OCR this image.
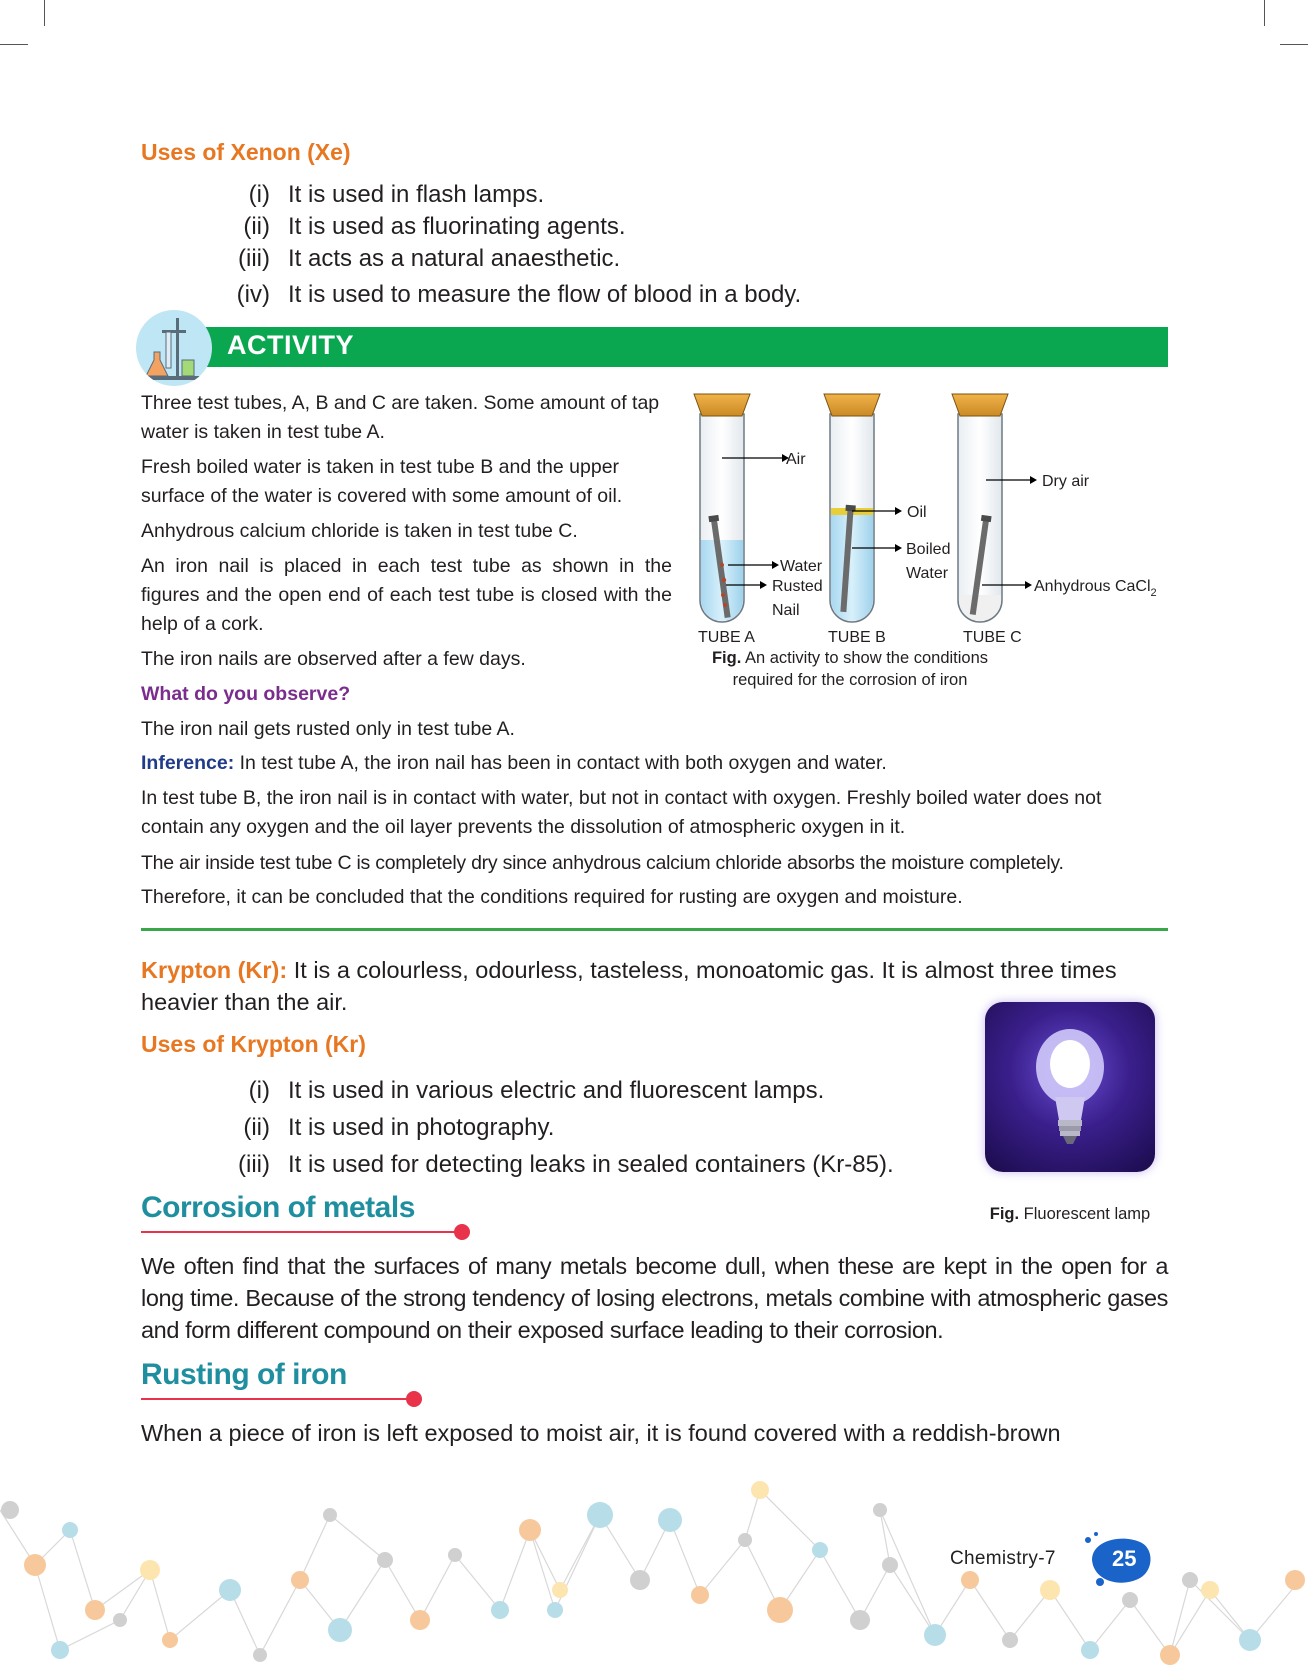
Uses of Xenon (Xe)
(i) It is used in flash lamps.
(ii) It is used as fluorinating agents.
(iii) It acts as a natural anaesthetic.
(iv) It is used to measure the flow of blood in a body.
ACTIVITY
Three test tubes, A, B and C are taken. Some amount of tap water is taken in test tube A.
Fresh boiled water is taken in test tube B and the upper surface of the water is covered with some amount of oil.
Anhydrous calcium chloride is taken in test tube C.
An iron nail is placed in each test tube as shown in the figures and the open end of each test tube is closed with the help of a cork.
The iron nails are observed after a few days.
What do you observe?
The iron nail gets rusted only in test tube A.
Inference: In test tube A, the iron nail has been in contact with both oxygen and water.
In test tube B, the iron nail is in contact with water, but not in contact with oxygen. Freshly boiled water does not contain any oxygen and the oil layer prevents the dissolution of atmospheric oxygen in it.
The air inside test tube C is completely dry since anhydrous calcium chloride absorbs the moisture completely.
Therefore, it can be concluded that the conditions required for rusting are oxygen and moisture.
Air
Water
Rusted
Nail
Oil
Boiled
Water
Dry air
Anhydrous CaCl$_2$
TUBE A	TUBE B	TUBE C
Fig. An activity to show the conditions
required for the corrosion of iron
Krypton (Kr): It is a colourless, odourless, tasteless, monoatomic gas. It is almost three times heavier than the air.
Uses of Krypton (Kr)
(i) It is used in various electric and fluorescent lamps.
(ii) It is used in photography.
(iii) It is used for detecting leaks in sealed containers (Kr-85).
Fig. Fluorescent lamp
Corrosion of metals
We often find that the surfaces of many metals become dull, when these are kept in the open for a long time. Because of the strong tendency of losing electrons, metals combine with atmospheric gases and form different compound on their exposed surface leading to their corrosion.
Rusting of iron
When a piece of iron is left exposed to moist air, it is found covered with a reddish-brown
Chemistry-7	25
